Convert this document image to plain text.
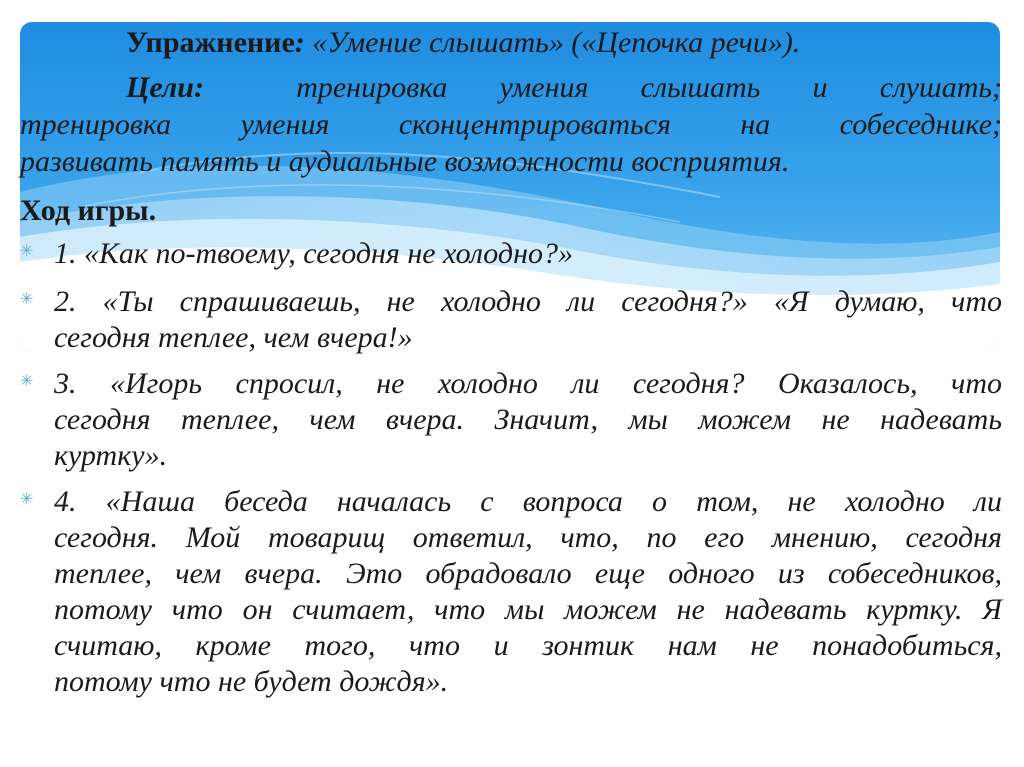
Упражнение: «Умение слышать» («Цепочка речи»).
Цели:	тренировка умения слышать и слушать;
тренировка умения сконцентрироваться на собеседнике;
развивать память и аудиальные возможности восприятия.
Ход игры.
✳ 1. «Как по-твоему, сегодня не холодно?»
✳ 2. «Ты спрашиваешь, не холодно ли сегодня?» «Я думаю, что
сегодня теплее, чем вчера!»
✳ 3. «Игорь спросил, не холодно ли сегодня? Оказалось, что
сегодня теплее, чем вчера. Значит, мы можем не надевать
куртку».
✳ 4. «Наша беседа началась с вопроса о том, не холодно ли
сегодня. Мой товарищ ответил, что, по его мнению, сегодня
теплее, чем вчера. Это обрадовало еще одного из собеседников,
потому что он считает, что мы можем не надевать куртку. Я
считаю, кроме того, что и зонтик нам не понадобиться,
потому что не будет дождя».
